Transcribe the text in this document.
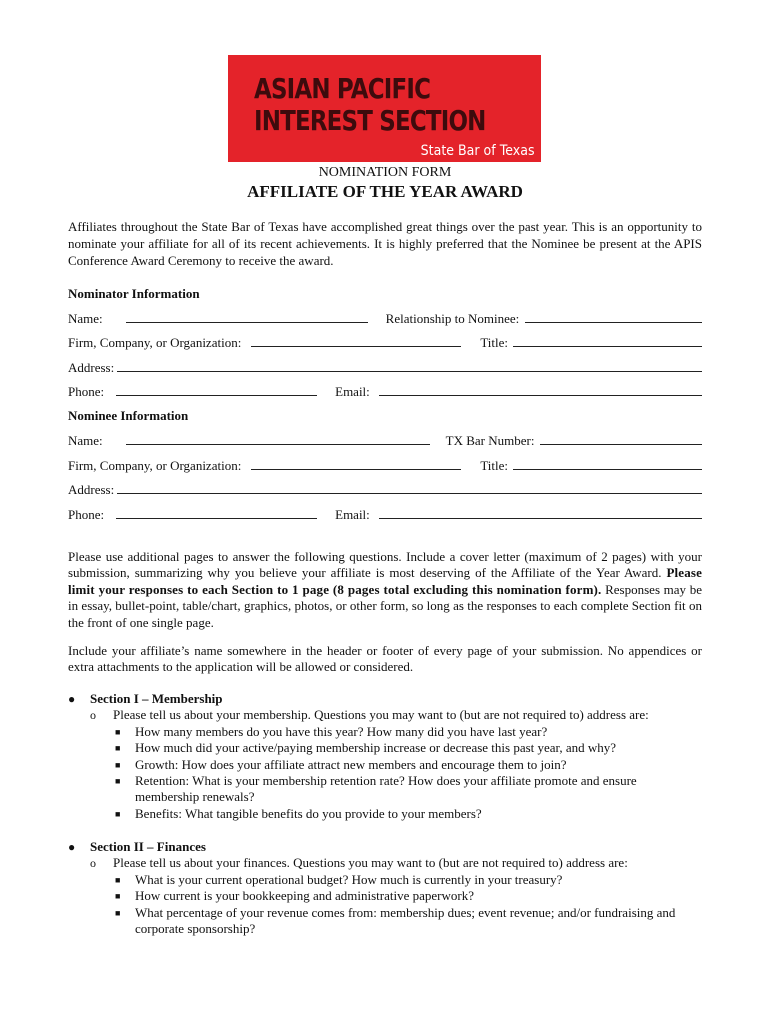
ASIAN PACIFIC
INTEREST SECTION
State Bar of Texas
NOMINATION FORM
AFFILIATE OF THE YEAR AWARD

Affiliates throughout the State Bar of Texas have accomplished great things over the past year. This is an opportunity to nominate your affiliate for all of its recent achievements. It is highly preferred that the Nominee be present at the APIS Conference Award Ceremony to receive the award.

Nominator Information
Name:	Relationship to Nominee:
Firm, Company, or Organization:	Title:
Address:
Phone:	Email:
Nominee Information
Name:	TX Bar Number:
Firm, Company, or Organization:	Title:
Address:
Phone:	Email:

Please use additional pages to answer the following questions. Include a cover letter (maximum of 2 pages) with your submission, summarizing why you believe your affiliate is most deserving of the Affiliate of the Year Award. Please limit your responses to each Section to 1 page (8 pages total excluding this nomination form). Responses may be in essay, bullet-point, table/chart, graphics, photos, or other form, so long as the responses to each complete Section fit on the front of one single page.

Include your affiliate’s name somewhere in the header or footer of every page of your submission. No appendices or extra attachments to the application will be allowed or considered.

● Section I – Membership
o Please tell us about your membership. Questions you may want to (but are not required to) address are:
■ How many members do you have this year? How many did you have last year?
■ How much did your active/paying membership increase or decrease this past year, and why?
■ Growth: How does your affiliate attract new members and encourage them to join?
■ Retention: What is your membership retention rate? How does your affiliate promote and ensure membership renewals?
■ Benefits: What tangible benefits do you provide to your members?
● Section II – Finances
o Please tell us about your finances. Questions you may want to (but are not required to) address are:
■ What is your current operational budget? How much is currently in your treasury?
■ How current is your bookkeeping and administrative paperwork?
■ What percentage of your revenue comes from: membership dues; event revenue; and/or fundraising and corporate sponsorship?
